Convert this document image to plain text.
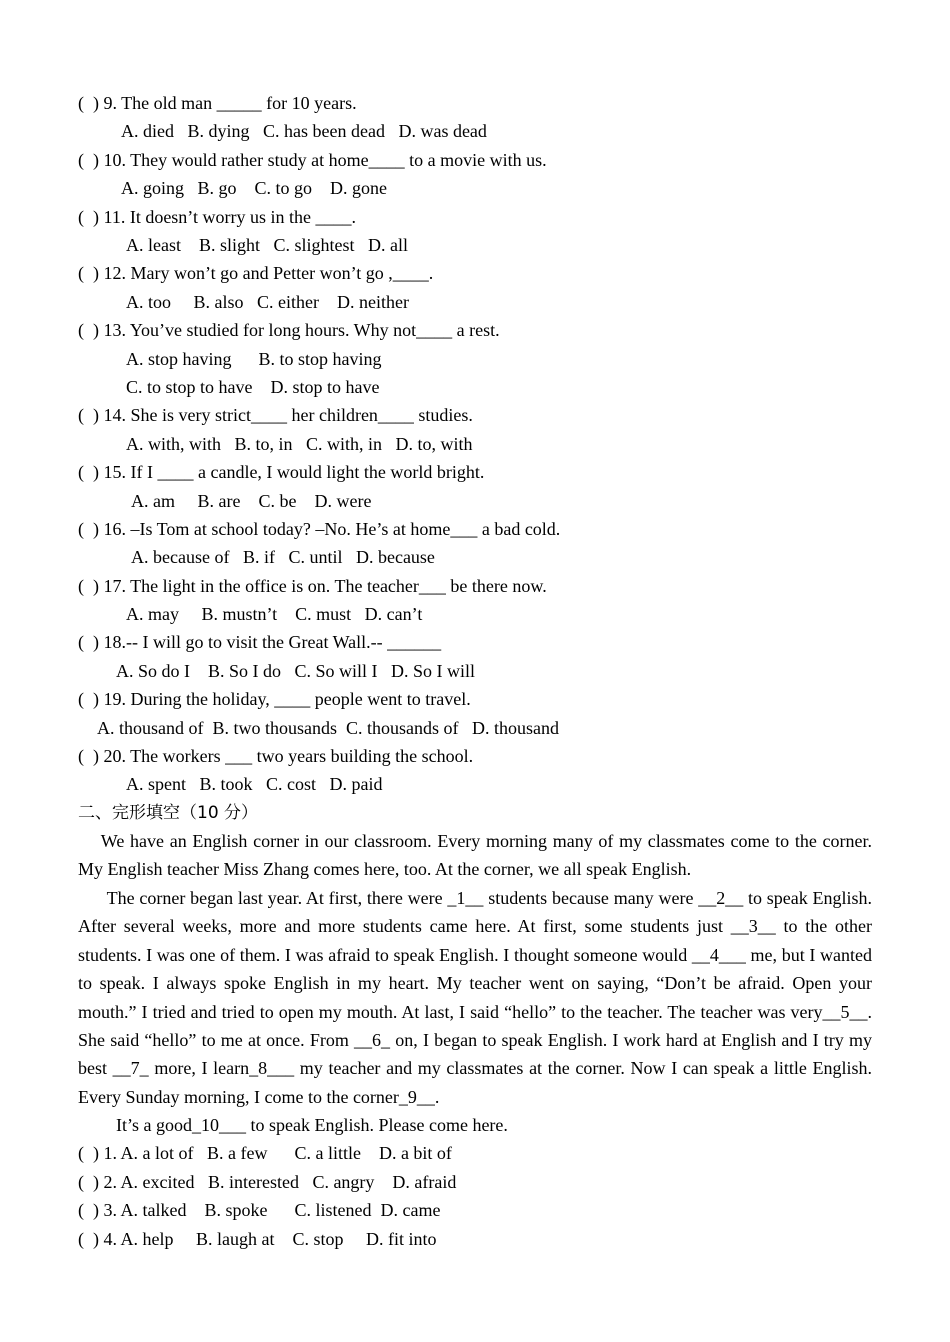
(  ) 9. The old man _____ for 10 years.
A. died   B. dying   C. has been dead   D. was dead
(  ) 10. They would rather study at home____ to a movie with us.
A. going   B. go    C. to go    D. gone
(  ) 11. It doesn’t worry us in the ____.
A. least    B. slight   C. slightest   D. all
(  ) 12. Mary won’t go and Petter won’t go ,____.
A. too     B. also   C. either    D. neither
(  ) 13. You’ve studied for long hours. Why not____ a rest.
A. stop having      B. to stop having
C. to stop to have    D. stop to have
(  ) 14. She is very strict____ her children____ studies.
A. with, with   B. to, in   C. with, in   D. to, with
(  ) 15. If I ____ a candle, I would light the world bright.
A. am     B. are    C. be    D. were
(  ) 16. –Is Tom at school today? –No. He’s at home___ a bad cold.
A. because of   B. if   C. until   D. because
(  ) 17. The light in the office is on. The teacher___ be there now.
A. may     B. mustn’t    C. must   D. can’t
(  ) 18.-- I will go to visit the Great Wall.-- ______
A. So do I    B. So I do   C. So will I   D. So I will
(  ) 19. During the holiday, ____ people went to travel.
A. thousand of  B. two thousands  C. thousands of   D. thousand
(  ) 20. The workers ___ two years building the school.
A. spent   B. took   C. cost   D. paid
二、完形填空（10 分）
We have an English corner in our classroom. Every morning many of my classmates come to the corner. My English teacher Miss Zhang comes here, too. At the corner, we all speak English.
The corner began last year. At first, there were _1__ students because many were __2__ to speak English. After several weeks, more and more students came here. At first, some students just __3__ to the other students. I was one of them. I was afraid to speak English. I thought someone would __4___ me, but I wanted to speak. I always spoke English in my heart. My teacher went on saying, “Don’t be afraid. Open your mouth.” I tried and tried to open my mouth. At last, I said “hello” to the teacher. The teacher was very__5__. She said “hello” to me at once. From __6_ on, I began to speak English. I work hard at English and I try my best __7_ more, I learn_8___ my teacher and my classmates at the corner. Now I can speak a little English. Every Sunday morning, I come to the corner_9__.
It’s a good_10___ to speak English. Please come here.
(  ) 1. A. a lot of   B. a few      C. a little    D. a bit of
(  ) 2. A. excited   B. interested   C. angry    D. afraid
(  ) 3. A. talked    B. spoke      C. listened  D. came
(  ) 4. A. help     B. laugh at    C. stop     D. fit into
